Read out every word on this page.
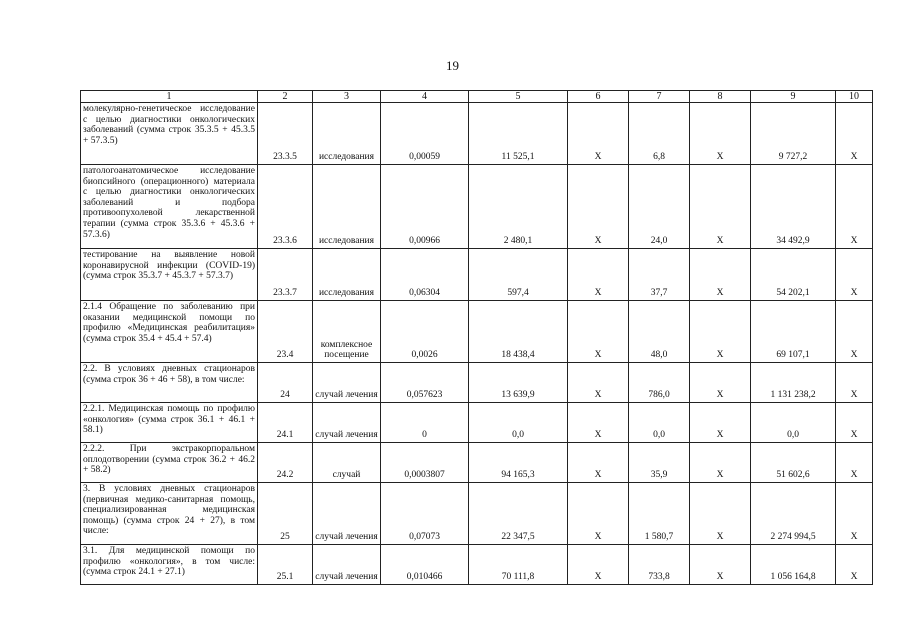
19
1	2	3	4	5	6	7	8	9	10
молекулярно-генетическое исследование с целью диагностики онкологических заболеваний (сумма строк 35.3.5 + 45.3.5 + 57.3.5)	23.3.5	исследования	0,00059	11 525,1	X	6,8	X	9 727,2	X
патологоанатомическое исследование биопсийного (операционного) материала с целью диагностики онкологических заболеваний и подбора противоопухолевой лекарственной терапии (сумма строк 35.3.6 + 45.3.6 + 57.3.6)	23.3.6	исследования	0,00966	2 480,1	X	24,0	X	34 492,9	X
тестирование на выявление новой коронавирусной инфекции (COVID-19) (сумма строк 35.3.7 + 45.3.7 + 57.3.7)	23.3.7	исследования	0,06304	597,4	X	37,7	X	54 202,1	X
2.1.4 Обращение по заболеванию при оказании медицинской помощи по профилю «Медицинская реабилитация» (сумма строк 35.4 + 45.4 + 57.4)	23.4	комплексное посещение	0,0026	18 438,4	X	48,0	X	69 107,1	X
2.2. В условиях дневных стационаров (сумма строк 36 + 46 + 58), в том числе:	24	случай лечения	0,057623	13 639,9	X	786,0	X	1 131 238,2	X
2.2.1. Медицинская помощь по профилю «онкология» (сумма строк 36.1 + 46.1 + 58.1)	24.1	случай лечения	0	0,0	X	0,0	X	0,0	X
2.2.2. При экстракорпоральном оплодотворении (сумма строк 36.2 + 46.2 + 58.2)	24.2	случай	0,0003807	94 165,3	X	35,9	X	51 602,6	X
3. В условиях дневных стационаров (первичная медико-санитарная помощь, специализированная медицинская помощь) (сумма строк 24 + 27), в том числе:	25	случай лечения	0,07073	22 347,5	X	1 580,7	X	2 274 994,5	X
3.1. Для медицинской помощи по профилю «онкология», в том числе: (сумма строк 24.1 + 27.1)	25.1	случай лечения	0,010466	70 111,8	X	733,8	X	1 056 164,8	X
